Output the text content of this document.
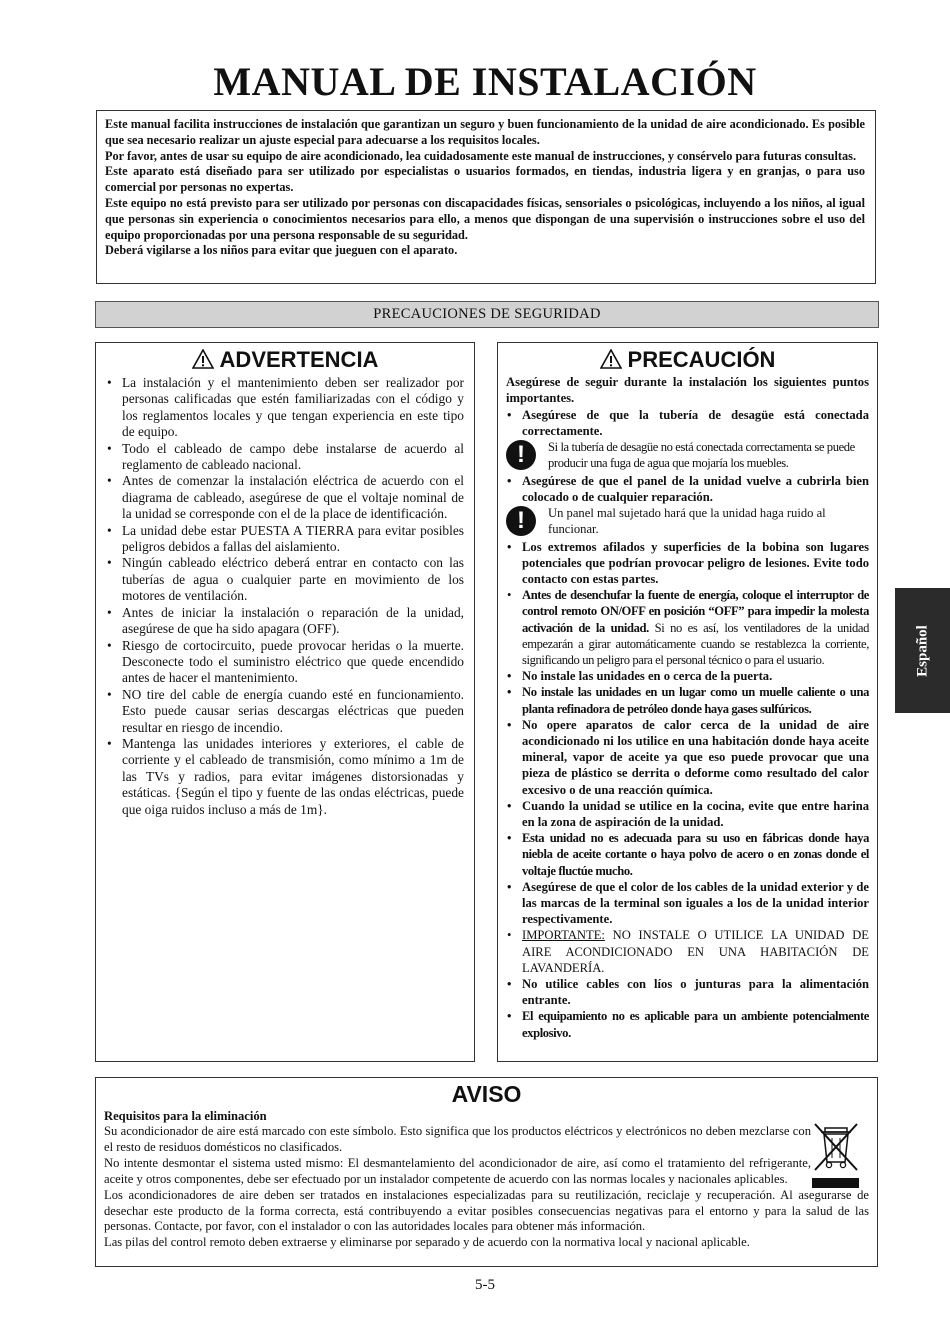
MANUAL DE INSTALACIÓN

Este manual facilita instrucciones de instalación que garantizan un seguro y buen funcionamiento de la unidad de aire acondicionado. Es posible que sea necesario realizar un ajuste especial para adecuarse a los requisitos locales.

Por favor, antes de usar su equipo de aire acondicionado, lea cuidadosamente este manual de instrucciones, y consérvelo para futuras consultas.

Este aparato está diseñado para ser utilizado por especialistas o usuarios formados, en tiendas, industria ligera y en granjas, o para uso comercial por personas no expertas.

Este equipo no está previsto para ser utilizado por personas con discapacidades físicas, sensoriales o psicológicas, incluyendo a los niños, al igual que personas sin experiencia o conocimientos necesarios para ello, a menos que dispongan de una supervisión o instrucciones sobre el uso del equipo proporcionadas por una persona responsable de su seguridad.

Deberá vigilarse a los niños para evitar que jueguen con el aparato.

PRECAUCIONES DE SEGURIDAD
ADVERTENCIA
• La instalación y el mantenimiento deben ser realizador por personas calificadas que estén familiarizadas con el código y los reglamentos locales y que tengan experiencia en este tipo de equipo.
• Todo el cableado de campo debe instalarse de acuerdo al reglamento de cableado nacional.
• Antes de comenzar la instalación eléctrica de acuerdo con el diagrama de cableado, asegúrese de que el voltaje nominal de la unidad se corresponde con el de la place de identificación.
• La unidad debe estar PUESTA A TIERRA para evitar posibles peligros debidos a fallas del aislamiento.
• Ningún cableado eléctrico deberá entrar en contacto con las tuberías de agua o cualquier parte en movimiento de los motores de ventilación.
• Antes de iniciar la instalación o reparación de la unidad, asegúrese de que ha sido apagara (OFF).
• Riesgo de cortocircuito, puede provocar heridas o la muerte. Desconecte todo el suministro eléctrico que quede encendido antes de hacer el mantenimiento.
• NO tire del cable de energía cuando esté en funcionamiento. Esto puede causar serias descargas eléctricas que pueden resultar en riesgo de incendio.
• Mantenga las unidades interiores y exteriores, el cable de corriente y el cableado de transmisión, como mínimo a 1m de las TVs y radios, para evitar imágenes distorsionadas y estáticas. {Según el tipo y fuente de las ondas eléctricas, puede que oiga ruidos incluso a más de 1m}.
PRECAUCIÓN

Asegúrese de seguir durante la instalación los siguientes puntos importantes.

• Asegúrese de que la tubería de desagüe está conectada correctamente.
!	Si la tubería de desagüe no está conectada correctamenta se puede producir una fuga de agua que mojaría los muebles.
• Asegúrese de que el panel de la unidad vuelve a cubrirla bien colocado o de cualquier reparación.
!	Un panel mal sujetado hará que la unidad haga ruido al funcionar.
• Los extremos afilados y superficies de la bobina son lugares potenciales que podrían provocar peligro de lesiones. Evite todo contacto con estas partes.
• Antes de desenchufar la fuente de energía, coloque el interruptor de control remoto ON/OFF en posición “OFF” para impedir la molesta activación de la unidad. Si no es así, los ventiladores de la unidad empezarán a girar automáticamente cuando se restablezca la corriente, significando un peligro para el personal técnico o para el usuario.
• No instale las unidades en o cerca de la puerta.
• No instale las unidades en un lugar como un muelle caliente o una planta refinadora de petróleo donde haya gases sulfúricos.
• No opere aparatos de calor cerca de la unidad de aire acondicionado ni los utilice en una habitación donde haya aceite mineral, vapor de aceite ya que eso puede provocar que una pieza de plástico se derrita o deforme como resultado del calor excesivo o de una reacción química.
• Cuando la unidad se utilice en la cocina, evite que entre harina en la zona de aspiración de la unidad.
• Esta unidad no es adecuada para su uso en fábricas donde haya niebla de aceite cortante o haya polvo de acero o en zonas donde el voltaje fluctúe mucho.
• Asegúrese de que el color de los cables de la unidad exterior y de las marcas de la terminal son iguales a los de la unidad interior respectivamente.
• IMPORTANTE: NO INSTALE O UTILICE LA UNIDAD DE AIRE ACONDICIONADO EN UNA HABITACIÓN DE LAVANDERÍA.
• No utilice cables con líos o junturas para la alimentación entrante.
• El equipamiento no es aplicable para un ambiente potencialmente explosivo.
AVISO

Requisitos para la eliminación

Su acondicionador de aire está marcado con este símbolo. Esto significa que los productos eléctricos y electrónicos no deben mezclarse con el resto de residuos domésticos no clasificados.

No intente desmontar el sistema usted mismo: El desmantelamiento del acondicionador de aire, así como el tratamiento del refrigerante, aceite y otros componentes, debe ser efectuado por un instalador competente de acuerdo con las normas locales y nacionales aplicables.

Los acondicionadores de aire deben ser tratados en instalaciones especializadas para su reutilización, reciclaje y recuperación. Al asegurarse de desechar este producto de la forma correcta, está contribuyendo a evitar posibles consecuencias negativas para el entorno y para la salud de las personas. Contacte, por favor, con el instalador o con las autoridades locales para obtener más información.

Las pilas del control remoto deben extraerse y eliminarse por separado y de acuerdo con la normativa local y nacional aplicable.

Español
5-5
